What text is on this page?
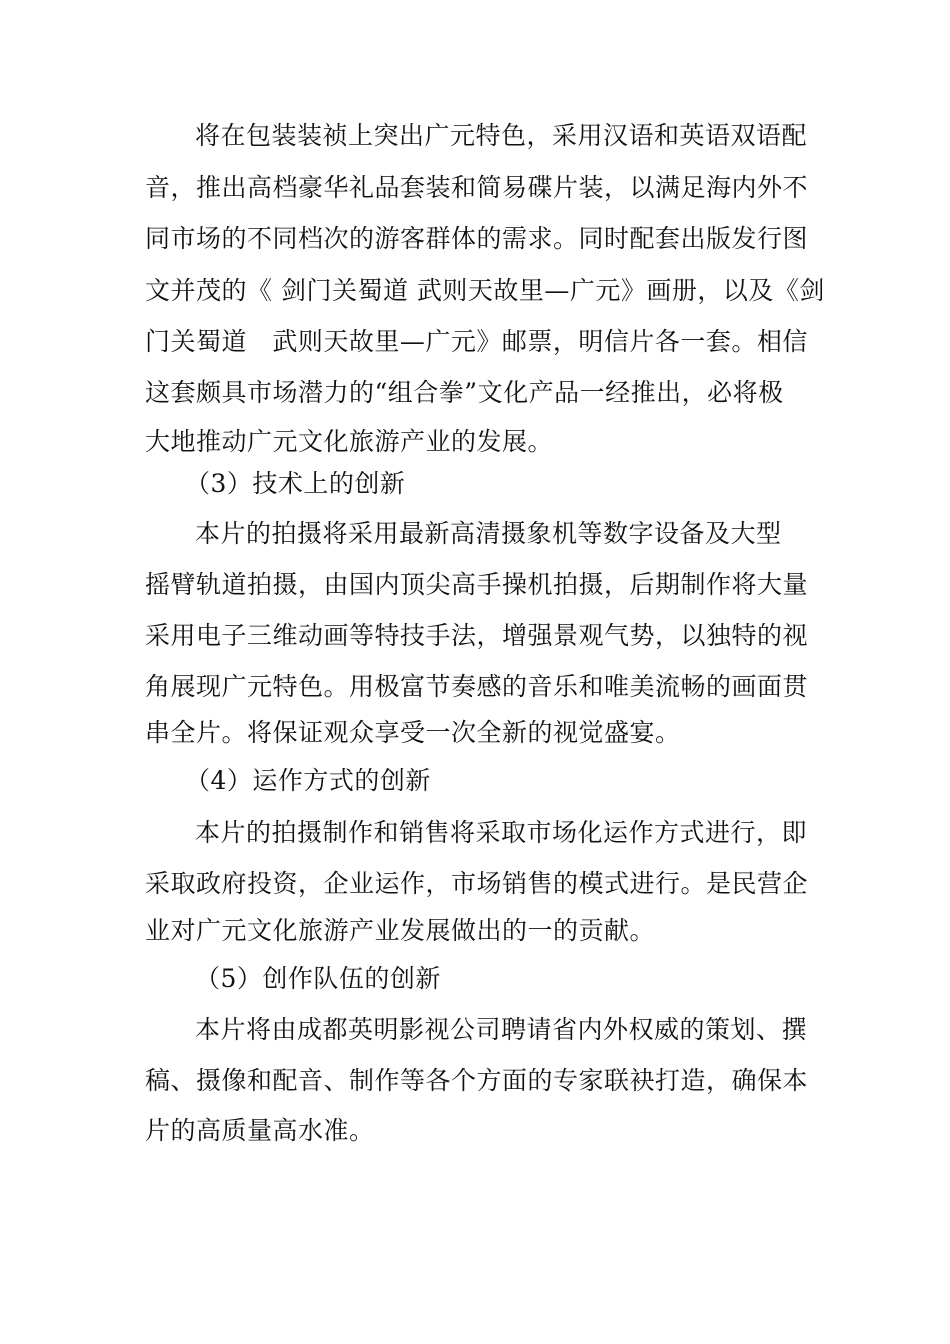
将在包装装祯上突出广元特色，采用汉语和英语双语配
音，推出高档豪华礼品套装和简易碟片装，以满足海内外不
同市场的不同档次的游客群体的需求。同时配套出版发行图
文并茂的《 剑门关蜀道 武则天故里—广元》画册，以及《剑
门关蜀道   武则天故里—广元》邮票，明信片各一套。相信
这套颇具市场潜力的“组合拳”文化产品一经推出，必将极
大地推动广元文化旅游产业的发展。
（3）技术上的创新
本片的拍摄将采用最新高清摄象机等数字设备及大型
摇臂轨道拍摄，由国内顶尖高手操机拍摄，后期制作将大量
采用电子三维动画等特技手法，增强景观气势，以独特的视
角展现广元特色。用极富节奏感的音乐和唯美流畅的画面贯
串全片。将保证观众享受一次全新的视觉盛宴。
（4）运作方式的创新
本片的拍摄制作和销售将采取市场化运作方式进行，即
采取政府投资，企业运作，市场销售的模式进行。是民营企
业对广元文化旅游产业发展做出的一的贡献。
（5）创作队伍的创新
本片将由成都英明影视公司聘请省内外权威的策划、撰
稿、摄像和配音、制作等各个方面的专家联袂打造，确保本
片的高质量高水准。
